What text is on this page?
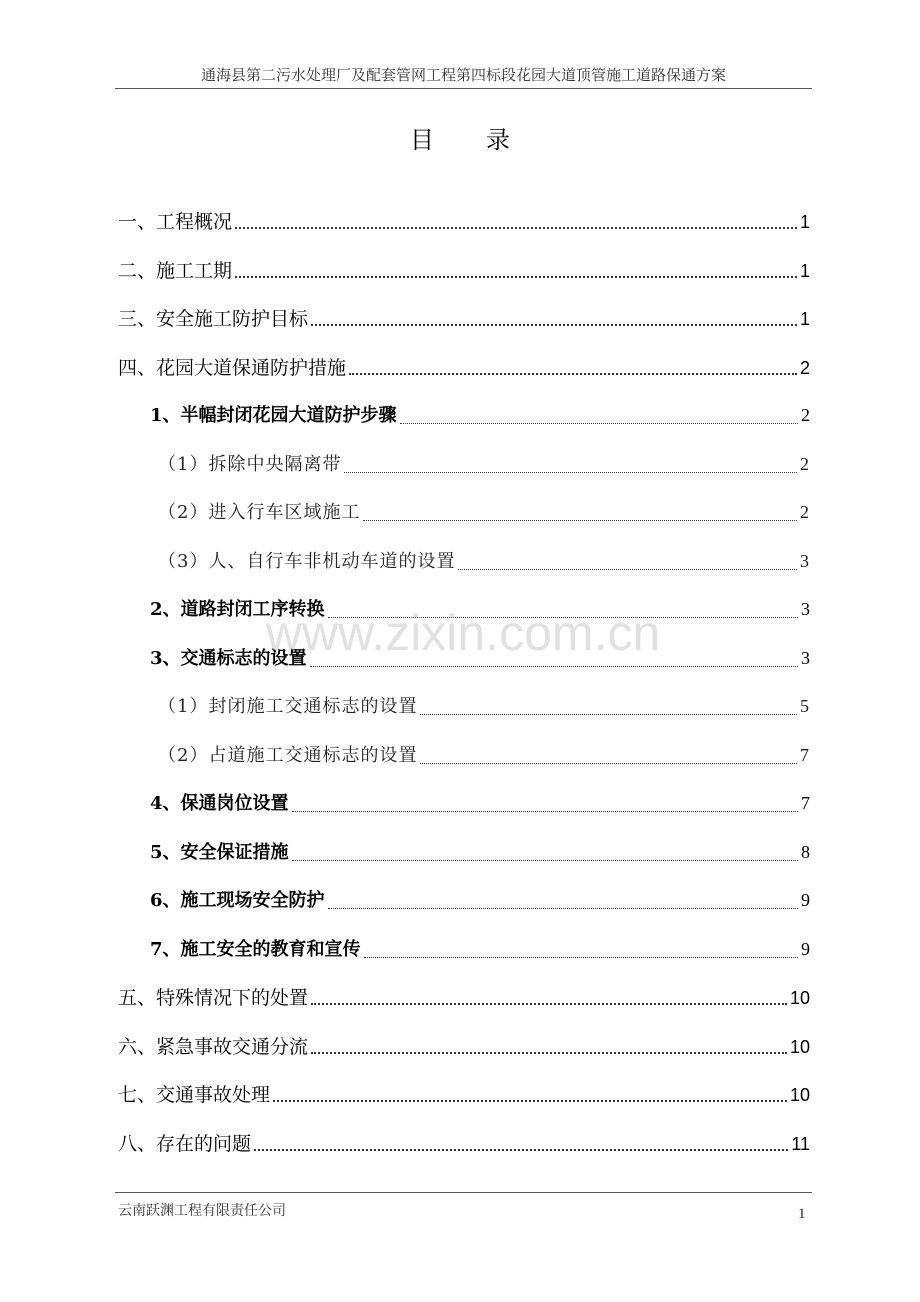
通海县第二污水处理厂及配套管网工程第四标段花园大道顶管施工道路保通方案
目录
一、工程概况	1
二、施工工期	1
三、安全施工防护目标	1
四、花园大道保通防护措施	2
1、半幅封闭花园大道防护步骤	2
（1）拆除中央隔离带	2
（2）进入行车区域施工	2
（3）人、自行车非机动车道的设置	3
2、道路封闭工序转换	3
3、交通标志的设置	3
（1）封闭施工交通标志的设置	5
（2）占道施工交通标志的设置	7
4、保通岗位设置	7
5、安全保证措施	8
6、施工现场安全防护	9
7、施工安全的教育和宣传	9
五、特殊情况下的处置	10
六、紧急事故交通分流	10
七、交通事故处理	10
八、存在的问题	11
www.zixin.com.cn
云南跃渊工程有限责任公司	1
